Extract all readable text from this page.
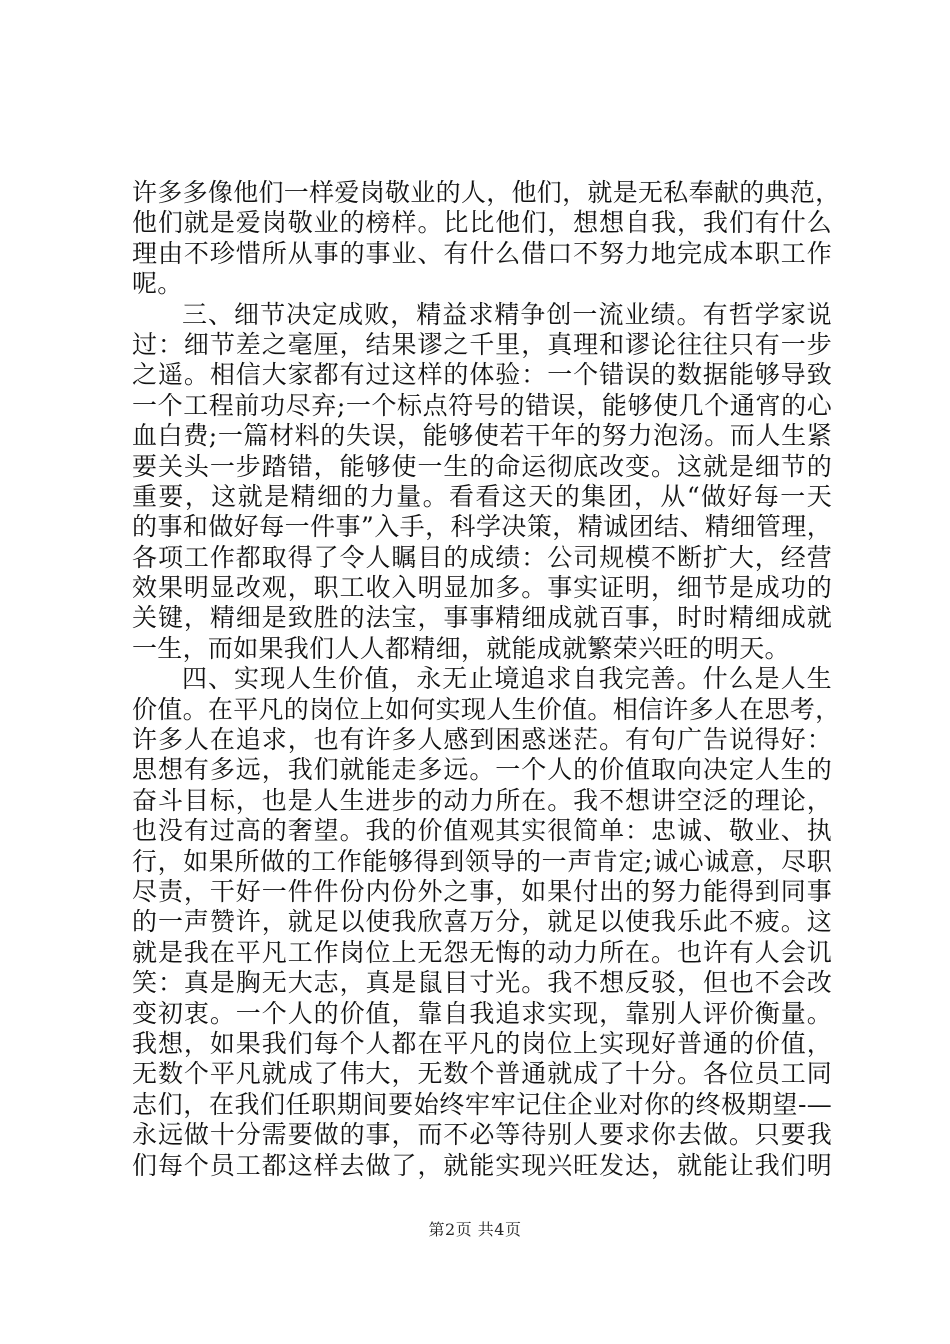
许多多像他们一样爱岗敬业的人，他们，就是无私奉献的典范，
他们就是爱岗敬业的榜样。比比他们，想想自我，我们有什么
理由不珍惜所从事的事业、有什么借口不努力地完成本职工作
呢。
三、细节决定成败，精益求精争创一流业绩。有哲学家说
过：细节差之毫厘，结果谬之千里，真理和谬论往往只有一步
之遥。相信大家都有过这样的体验：一个错误的数据能够导致
一个工程前功尽弃;一个标点符号的错误，能够使几个通宵的心
血白费;一篇材料的失误，能够使若干年的努力泡汤。而人生紧
要关头一步踏错，能够使一生的命运彻底改变。这就是细节的
重要，这就是精细的力量。看看这天的集团，从“做好每一天
的事和做好每一件事”入手，科学决策，精诚团结、精细管理，
各项工作都取得了令人瞩目的成绩：公司规模不断扩大，经营
效果明显改观，职工收入明显加多。事实证明，细节是成功的
关键，精细是致胜的法宝，事事精细成就百事，时时精细成就
一生，而如果我们人人都精细，就能成就繁荣兴旺的明天。
四、实现人生价值，永无止境追求自我完善。什么是人生
价值。在平凡的岗位上如何实现人生价值。相信许多人在思考，
许多人在追求，也有许多人感到困惑迷茫。有句广告说得好：
思想有多远，我们就能走多远。一个人的价值取向决定人生的
奋斗目标，也是人生进步的动力所在。我不想讲空泛的理论，
也没有过高的奢望。我的价值观其实很简单：忠诚、敬业、执
行，如果所做的工作能够得到领导的一声肯定;诚心诚意，尽职
尽责，干好一件件份内份外之事，如果付出的努力能得到同事
的一声赞许，就足以使我欣喜万分，就足以使我乐此不疲。这
就是我在平凡工作岗位上无怨无悔的动力所在。也许有人会讥
笑：真是胸无大志，真是鼠目寸光。我不想反驳，但也不会改
变初衷。一个人的价值，靠自我追求实现，靠别人评价衡量。
我想，如果我们每个人都在平凡的岗位上实现好普通的价值，
无数个平凡就成了伟大，无数个普通就成了十分。各位员工同
志们，在我们任职期间要始终牢牢记住企业对你的终极期望-—
永远做十分需要做的事，而不必等待别人要求你去做。只要我
们每个员工都这样去做了，就能实现兴旺发达，就能让我们明
第2页 共4页
